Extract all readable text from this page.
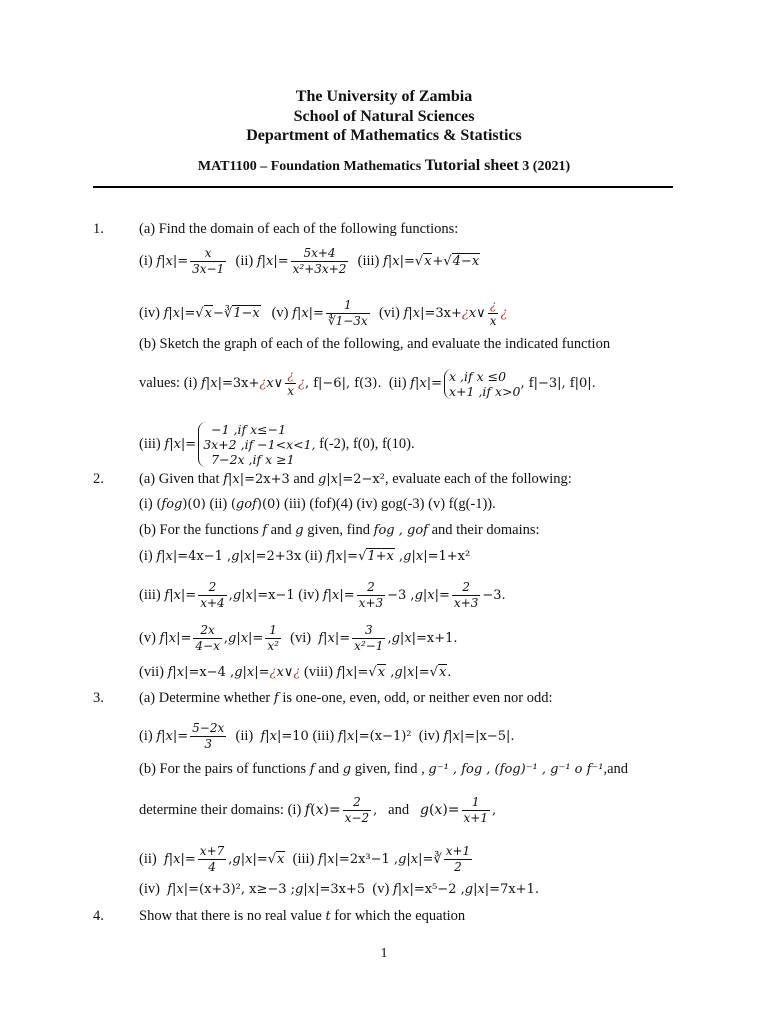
The University of Zambia
School of Natural Sciences
Department of Mathematics & Statistics
MAT1100 – Foundation Mathematics Tutorial sheet 3 (2021)
1. (a) Find the domain of each of the following functions:
(i) $f|x|= \frac{x}{3x-1} (ii)$ $f|x|= \frac{5x+4}{\text{x²+3x+2}} (iii)$ f|x|=√x+√4−x
(iv) f|x|=√x−∛1−x   (v) $f|x|= \frac{1}{∜1-3x} (vi)$ f|x|=3x+¿x∨ $\frac{¿}{x}$ ¿
(b) Sketch the graph of each of the following, and evaluate the indicated function
values: (i) f|x|=3x+¿x∨ $\frac{¿}{x}$ ¿, f|−6|, f(3).  (ii) f|x|= x ,if x ≤0
x+1 ,if x>0
, f|−3|, f|0|.
(iii) f|x|=
−1 ,if x≤−1
3x+2 ,if −1<x<1,
7−2x ,if x ≥1
f(-2), f(0), f(10).
2. (a) Given that f|x|=2x+3 and g|x|=2−x², evaluate each of the following:
(i) (fog)(0) (ii) (gof)(0) (iii) (fof)(4) (iv) gog(-3) (v) f(g(-1)).
(b) For the functions f and g given, find fog , gof and their domains:
(i) f|x|=4x−1 ,g|x|=2+3x (ii) f|x|=√1+x ,g|x|=1+x²
(iii) $f|x|= \frac{2}{x+4} ,g|x|=x-1$ (iv) $f|x|= \frac{2}{x+3} -3$ $,g|x|= \frac{2}{x+3} -3$.
(v) $f|x|= \frac{2x}{4-x} ,g|x|= \frac{1}{\text{x²}} (vi)$  $f|x|= \frac{3}{\text{x²−1}} ,g|x|=x+1$.
(vii) f|x|=x−4 ,g|x|=¿x∨¿ (viii) f|x|=√x ,g|x|=√x.
3. (a) Determine whether f is one-one, even, odd, or neither even nor odd:
(i) $f|x|= \frac{5-2x}{3} (ii)$  f|x|=10 (iii) f|x|=(x−1)²  (iv) f|x|=|x−5|.
(b) For the pairs of functions f and g given, find , g⁻¹ , fog , (fog)⁻¹ , g⁻¹ o f⁻¹,and
determine their domains: (i) $f(x)= \frac{2}{x-2}$ , and $g(x)= \frac{1}{x+1}$ ,
(ii)  $f|x|= \frac{x+7}{4} ,g|x|=√x$  (iii) f|x|=2x³−1 ,g|x|=∛ $\frac{x+1}{2}$
(iv)  f|x|=(x+3)², x≥−3 ;g|x|=3x+5  (v) f|x|=x⁵−2 ,g|x|=7x+1.
4. Show that there is no real value t for which the equation
1
